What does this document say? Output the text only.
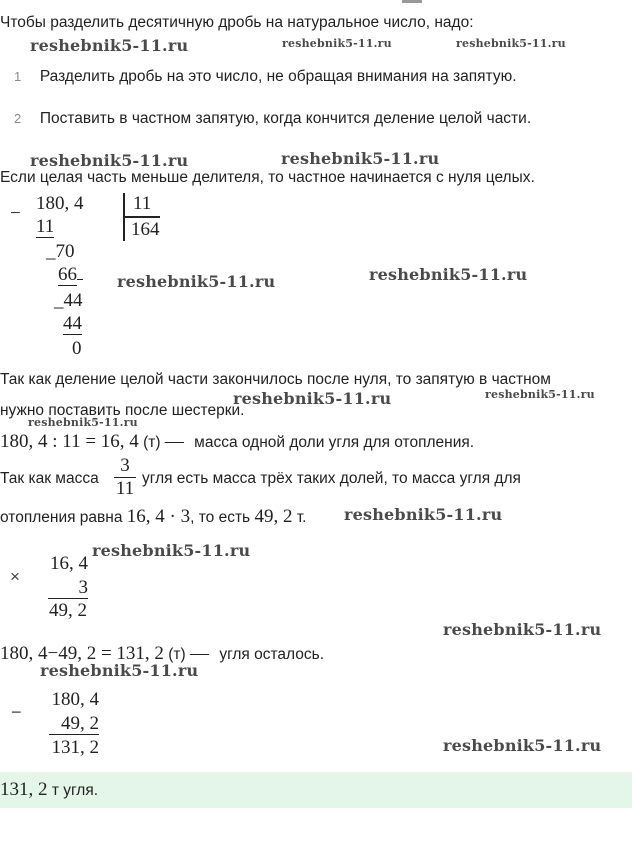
Чтобы разделить десятичную дробь на натуральное число, надо:
reshebnik5-11.ru	reshebnik5-11.ru	reshebnik5-11.ru
1 Разделить дробь на это число, не обращая внимания на запятую.
2 Поставить в частном запятую, когда кончится деление целой части.
reshebnik5-11.ru	reshebnik5-11.ru
Если целая часть меньше делителя, то частное начинается с нуля целых.
− 180, 4	11
164
11
_70
66
_44
44
0
reshebnik5-11.ru	reshebnik5-11.ru
Так как деление целой части закончилось после нуля, то запятую в частном
reshebnik5-11.ru	reshebnik5-11.ru
нужно поставить после шестерки.
reshebnik5-11.ru
180, 4 : 11 = 16, 4 (т) — масса одной доли угля для отопления.
Так как масса $\frac{3}{11}$ угля есть масса трёх таких долей, то масса угля для
отопления равна 16, 4 · 3, то есть 49, 2 т. reshebnik5-11.ru
reshebnik5-11.ru
×
16, 4
3
49, 2
reshebnik5-11.ru
180, 4−49, 2 = 131, 2 (т) — угля осталось.
reshebnik5-11.ru
−
180, 4
49, 2
131, 2	reshebnik5-11.ru
131, 2 т угля.
